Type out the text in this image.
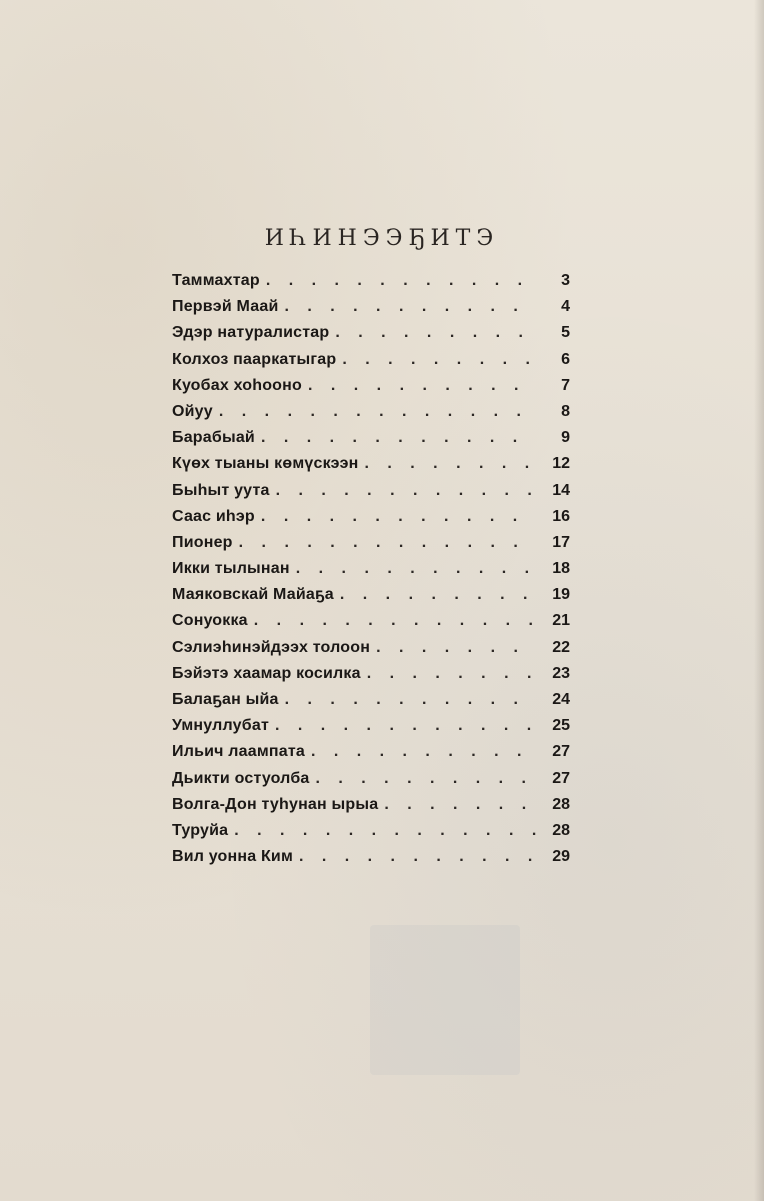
ИҺИНЭЭҔИТЭ
Таммахтар . . .	3
Первэй Маай . . .	4
Эдэр натуралистар . . .	5
Колхоз пааркатыгар . . .	6
Куобах хоһооно . . .	7
Ойуу . . .	8
Барабыай . . .	9
Күөх тыаны көмүскээн . . .	12
Быһыт уута . . .	14
Саас иһэр . . .	16
Пионер . . .	17
Икки тылынан . . .	18
Маяковскай Майаҕа . . .	19
Сонуокка . . .	21
Сэлиэһинэйдээх толоон . . .	22
Бэйэтэ хаамар косилка . . .	23
Балаҕан ыйа . . .	24
Умнуллубат . . .	25
Ильич лаампата . . .	27
Дьикти остуолба . . .	27
Волга-Дон туһунан ырыа . . .	28
Туруйа . . .	28
Вил уонна Ким . . .	29
